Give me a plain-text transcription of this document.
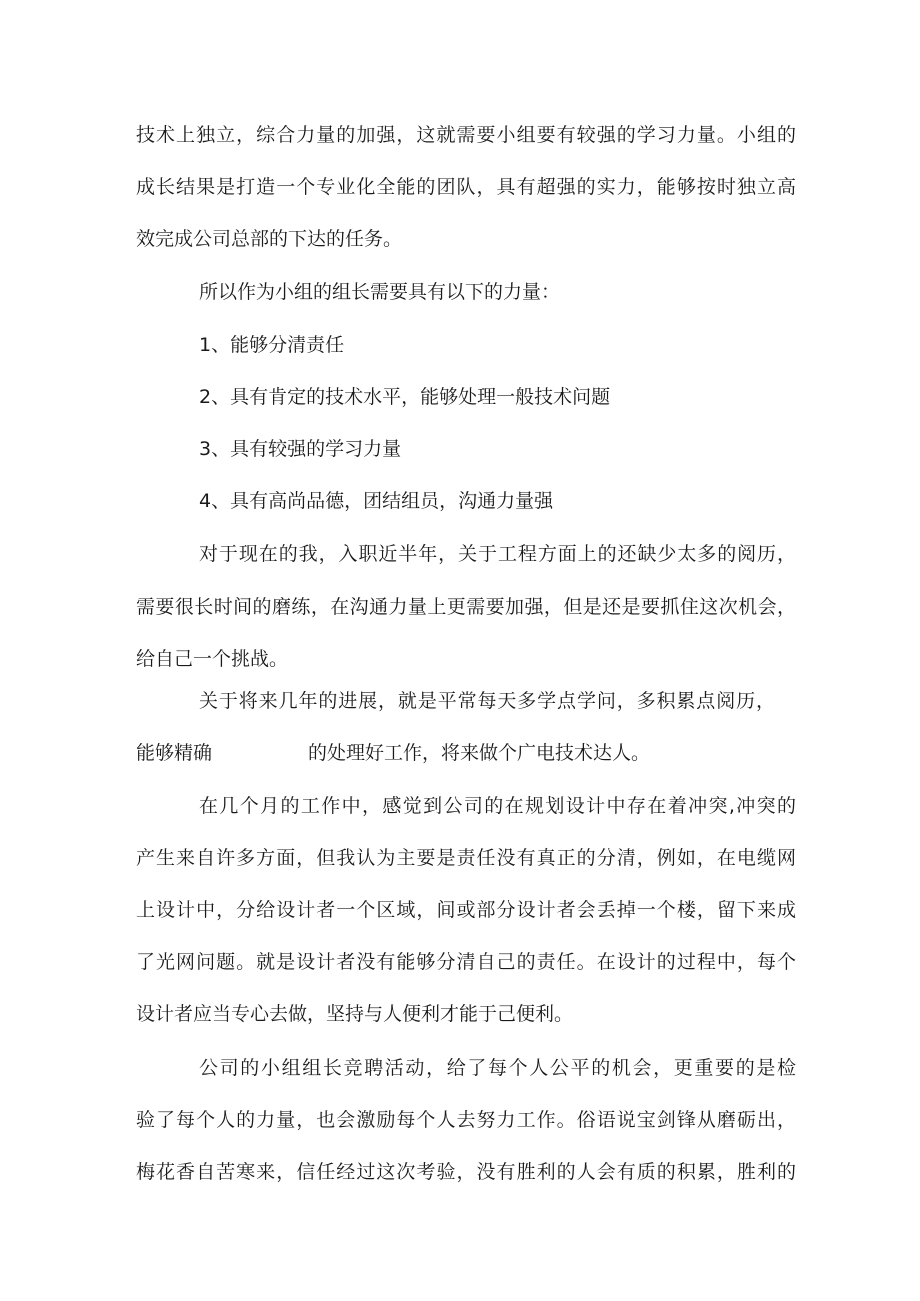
技术上独立，综合力量的加强，这就需要小组要有较强的学习力量。小组的
成长结果是打造一个专业化全能的团队，具有超强的实力，能够按时独立高
效完成公司总部的下达的任务。
所以作为小组的组长需要具有以下的力量：
1、能够分清责任
2、具有肯定的技术水平，能够处理一般技术问题
3、具有较强的学习力量
4、具有高尚品德，团结组员，沟通力量强
对于现在的我，入职近半年，关于工程方面上的还缺少太多的阅历，
需要很长时间的磨练，在沟通力量上更需要加强，但是还是要抓住这次机会，
给自己一个挑战。
关于将来几年的进展，就是平常每天多学点学问，多积累点阅历，
能够精确	的处理好工作，将来做个广电技术达人。
在几个月的工作中，感觉到公司的在规划设计中存在着冲突,冲突的
产生来自许多方面，但我认为主要是责任没有真正的分清，例如，在电缆网
上设计中，分给设计者一个区域，间或部分设计者会丢掉一个楼，留下来成
了光网问题。就是设计者没有能够分清自己的责任。在设计的过程中，每个
设计者应当专心去做，坚持与人便利才能于己便利。
公司的小组组长竞聘活动，给了每个人公平的机会，更重要的是检
验了每个人的力量，也会激励每个人去努力工作。俗语说宝剑锋从磨砺出，
梅花香自苦寒来，信任经过这次考验，没有胜利的人会有质的积累，胜利的
